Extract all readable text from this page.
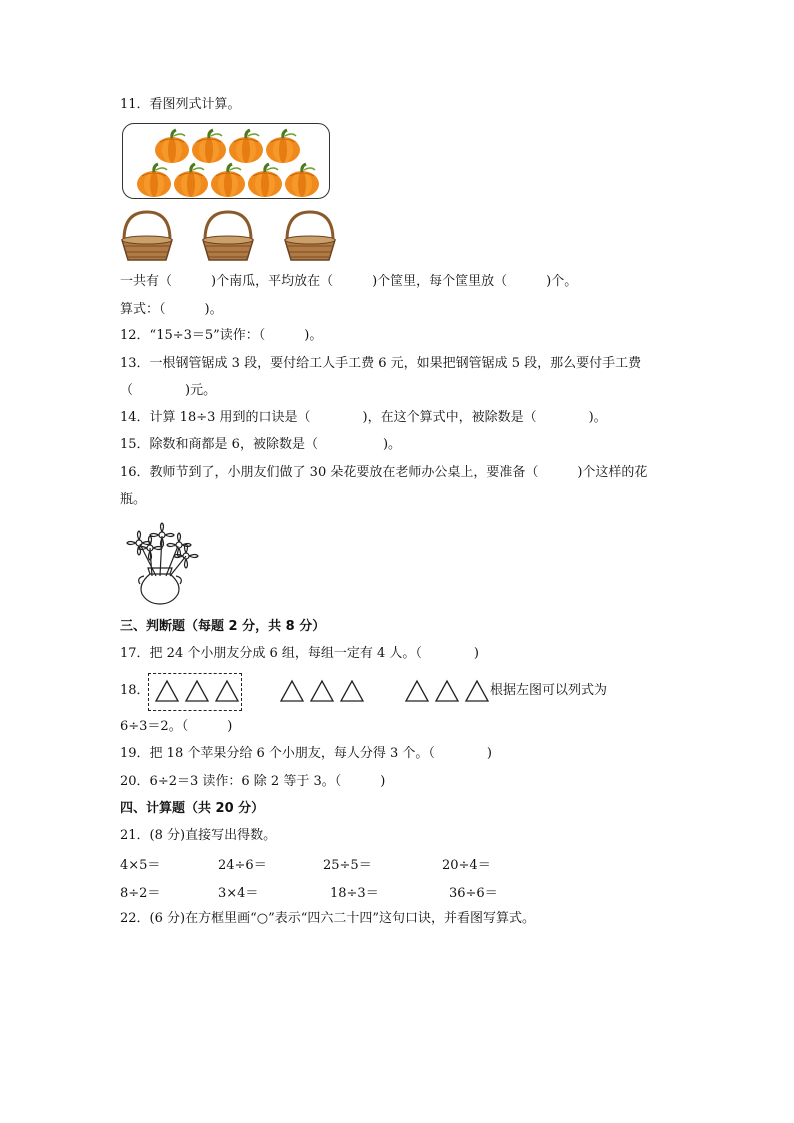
11．看图列式计算。
一共有（　　　)个南瓜，平均放在（　　　)个筐里，每个筐里放（　　　)个。
算式：（　　　)。
12．“15÷3＝5”读作：（　　　)。
13．一根钢管锯成 3 段，要付给工人手工费 6 元，如果把钢管锯成 5 段，那么要付手工费
（　　　　)元。
14．计算 18÷3 用到的口诀是（　　　　)，在这个算式中，被除数是（　　　　)。
15．除数和商都是 6，被除数是（　　　　　)。
16．教师节到了，小朋友们做了 30 朵花要放在老师办公桌上，要准备（　　　)个这样的花
瓶。
三、判断题（每题 2 分，共 8 分）
17．把 24 个小朋友分成 6 组，每组一定有 4 人。（　　　　)
18．	根据左图可以列式为
6÷3＝2。（　　　)
19．把 18 个苹果分给 6 个小朋友，每人分得 3 个。（　　　　)
20．6÷2＝3 读作：6 除 2 等于 3。（　　　)
四、计算题（共 20 分）
21．(8 分)直接写出得数。
4×5＝	24÷6＝	25÷5＝	20÷4＝
8÷2＝	3×4＝	18÷3＝	36÷6＝
22．(6 分)在方框里画“○”表示“四六二十四”这句口诀，并看图写算式。
